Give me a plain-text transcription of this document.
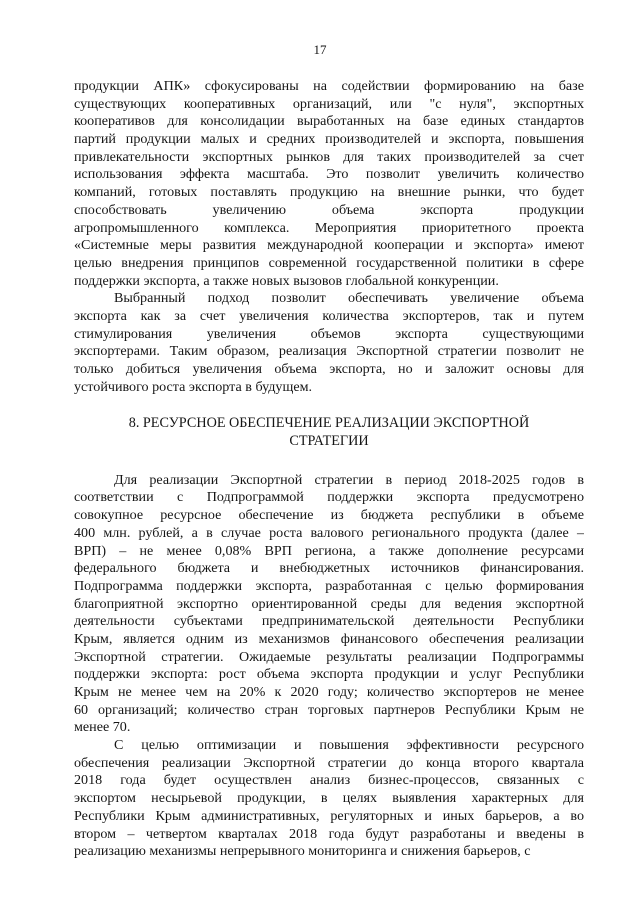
17

продукции АПК» сфокусированы на содействии формированию на базе
существующих кооперативных организаций, или "с нуля", экспортных
кооперативов для консолидации выработанных на базе единых стандартов
партий продукции малых и средних производителей и экспорта, повышения
привлекательности экспортных рынков для таких производителей за счет
использования эффекта масштаба. Это позволит увеличить количество
компаний, готовых поставлять продукцию на внешние рынки, что будет
способствовать увеличению объема экспорта продукции
агропромышленного комплекса. Мероприятия приоритетного проекта
«Системные меры развития международной кооперации и экспорта» имеют
целью внедрения принципов современной государственной политики в сфере
поддержки экспорта, а также новых вызовов глобальной конкуренции.

Выбранный подход позволит обеспечивать увеличение объема
экспорта как за счет увеличения количества экспортеров, так и путем
стимулирования увеличения объемов экспорта существующими
экспортерами. Таким образом, реализация Экспортной стратегии позволит не
только добиться увеличения объема экспорта, но и заложит основы для
устойчивого роста экспорта в будущем.

8. РЕСУРСНОЕ ОБЕСПЕЧЕНИЕ РЕАЛИЗАЦИИ ЭКСПОРТНОЙ
СТРАТЕГИИ

Для реализации Экспортной стратегии в период 2018-2025 годов в
соответствии с Подпрограммой поддержки экспорта предусмотрено
совокупное ресурсное обеспечение из бюджета республики в объеме
400 млн. рублей, а в случае роста валового регионального продукта (далее –
ВРП) – не менее 0,08% ВРП региона, а также дополнение ресурсами
федерального бюджета и внебюджетных источников финансирования.
Подпрограмма поддержки экспорта, разработанная с целью формирования
благоприятной экспортно ориентированной среды для ведения экспортной
деятельности субъектами предпринимательской деятельности Республики
Крым, является одним из механизмов финансового обеспечения реализации
Экспортной стратегии. Ожидаемые результаты реализации Подпрограммы
поддержки экспорта: рост объема экспорта продукции и услуг Республики
Крым не менее чем на 20% к 2020 году; количество экспортеров не менее
60 организаций; количество стран торговых партнеров Республики Крым не
менее 70.

С целью оптимизации и повышения эффективности ресурсного
обеспечения реализации Экспортной стратегии до конца второго квартала
2018 года будет осуществлен анализ бизнес-процессов, связанных с
экспортом несырьевой продукции, в целях выявления характерных для
Республики Крым административных, регуляторных и иных барьеров, а во
втором – четвертом кварталах 2018 года будут разработаны и введены в
реализацию механизмы непрерывного мониторинга и снижения барьеров, с
